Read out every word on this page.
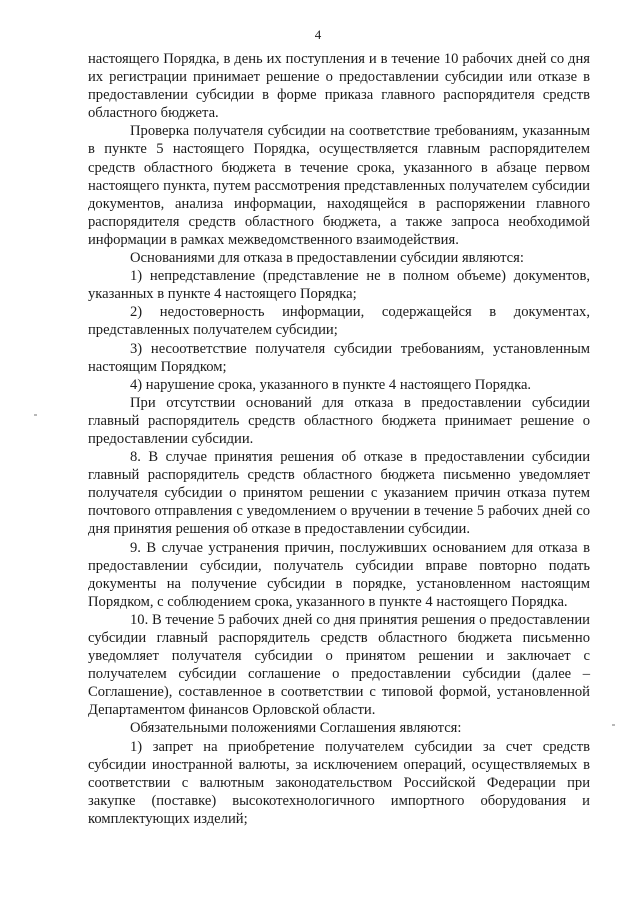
4

настоящего Порядка, в день их поступления и в течение 10 рабочих дней со дня их регистрации принимает решение о предоставлении субсидии или отказе в предоставлении субсидии в форме приказа главного распорядителя средств областного бюджета.

Проверка получателя субсидии на соответствие требованиям, указанным в пункте 5 настоящего Порядка, осуществляется главным распорядителем средств областного бюджета в течение срока, указанного в абзаце первом настоящего пункта, путем рассмотрения представленных получателем субсидии документов, анализа информации, находящейся в распоряжении главного распорядителя средств областного бюджета, а также запроса необходимой информации в рамках межведомственного взаимодействия.

Основаниями для отказа в предоставлении субсидии являются:

1) непредставление (представление не в полном объеме) документов, указанных в пункте 4 настоящего Порядка;

2) недостоверность информации, содержащейся в документах, представленных получателем субсидии;

3) несоответствие получателя субсидии требованиям, установленным настоящим Порядком;

4) нарушение срока, указанного в пункте 4 настоящего Порядка.

При отсутствии оснований для отказа в предоставлении субсидии главный распорядитель средств областного бюджета принимает решение о предоставлении субсидии.

8. В случае принятия решения об отказе в предоставлении субсидии главный распорядитель средств областного бюджета письменно уведомляет получателя субсидии о принятом решении с указанием причин отказа путем почтового отправления с уведомлением о вручении в течение 5 рабочих дней со дня принятия решения об отказе в предоставлении субсидии.

9. В случае устранения причин, послуживших основанием для отказа в предоставлении субсидии, получатель субсидии вправе повторно подать документы на получение субсидии в порядке, установленном настоящим Порядком, с соблюдением срока, указанного в пункте 4 настоящего Порядка.

10. В течение 5 рабочих дней со дня принятия решения о предоставлении субсидии главный распорядитель средств областного бюджета письменно уведомляет получателя субсидии о принятом решении и заключает с получателем субсидии соглашение о предоставлении субсидии (далее – Соглашение), составленное в соответствии с типовой формой, установленной Департаментом финансов Орловской области.

Обязательными положениями Соглашения являются:

1) запрет на приобретение получателем субсидии за счет средств субсидии иностранной валюты, за исключением операций, осуществляемых в соответствии с валютным законодательством Российской Федерации при закупке (поставке) высокотехнологичного импортного оборудования и комплектующих изделий;
